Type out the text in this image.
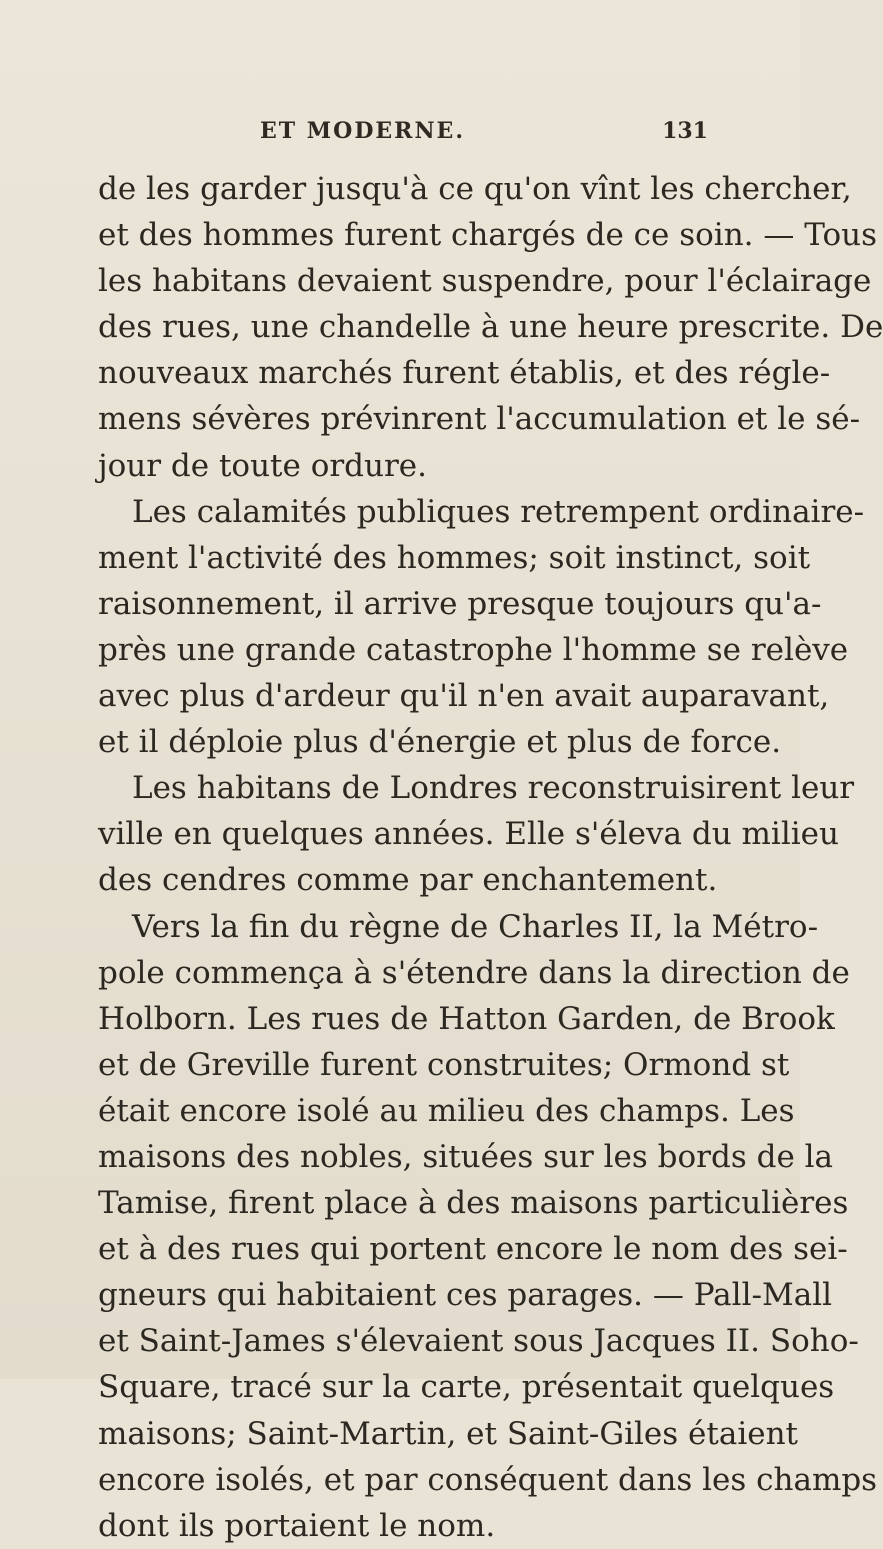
ET MODERNE.	131
de les garder jusqu'à ce qu'on vînt les chercher,
et des hommes furent chargés de ce soin. — Tous
les habitans devaient suspendre, pour l'éclairage
des rues, une chandelle à une heure prescrite. De
nouveaux marchés furent établis, et des régle-
mens sévères prévinrent l'accumulation et le sé-
jour de toute ordure.
Les calamités publiques retrempent ordinaire-
ment l'activité des hommes; soit instinct, soit
raisonnement, il arrive presque toujours qu'a-
près une grande catastrophe l'homme se relève
avec plus d'ardeur qu'il n'en avait auparavant,
et il déploie plus d'énergie et plus de force.
Les habitans de Londres reconstruisirent leur
ville en quelques années. Elle s'éleva du milieu
des cendres comme par enchantement.
Vers la fin du règne de Charles II, la Métro-
pole commença à s'étendre dans la direction de
Holborn. Les rues de Hatton Garden, de Brook
et de Greville furent construites; Ormond st
était encore isolé au milieu des champs. Les
maisons des nobles, situées sur les bords de la
Tamise, firent place à des maisons particulières
et à des rues qui portent encore le nom des sei-
gneurs qui habitaient ces parages. — Pall-Mall
et Saint-James s'élevaient sous Jacques II. Soho-
Square, tracé sur la carte, présentait quelques
maisons; Saint-Martin, et Saint-Giles étaient
encore isolés, et par conséquent dans les champs
dont ils portaient le nom.
